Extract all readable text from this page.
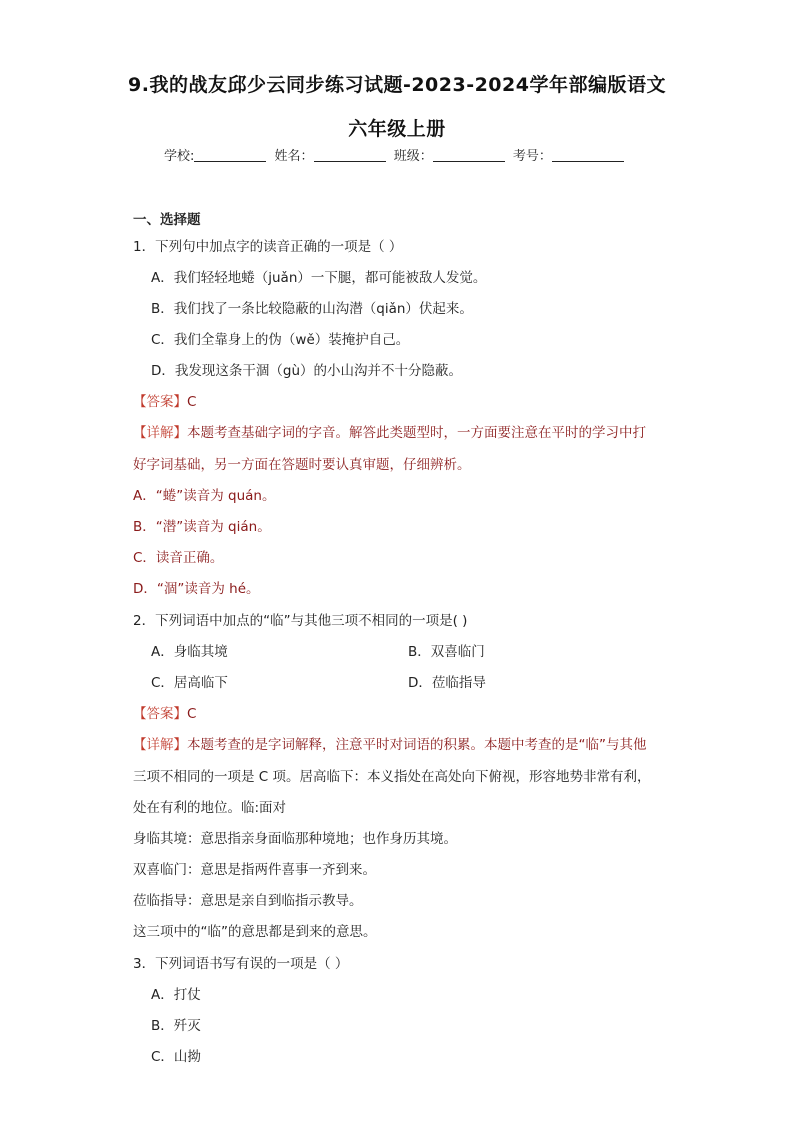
9.我的战友邱少云同步练习试题-2023-2024学年部编版语文
六年级上册
学校:	姓名：	班级：	考号：
一、选择题
1．下列句中加点字的读音正确的一项是（ ）
A．我们轻轻地蜷（juǎn）一下腿，都可能被敌人发觉。
B．我们找了一条比较隐蔽的山沟潜（qiǎn）伏起来。
C．我们全靠身上的伪（wě）装掩护自己。
D．我发现这条干涸（gù）的小山沟并不十分隐蔽。
【答案】C
【详解】本题考查基础字词的字音。解答此类题型时，一方面要注意在平时的学习中打
好字词基础，另一方面在答题时要认真审题，仔细辨析。
A．“蜷”读音为 quán。
B．“潜”读音为 qián。
C．读音正确。
D．“涸”读音为 hé。
2．下列词语中加点的“临”与其他三项不相同的一项是( )
A．身临其境	B．双喜临门
C．居高临下	D．莅临指导
【答案】C
【详解】本题考查的是字词解释，注意平时对词语的积累。本题中考查的是“临”与其他
三项不相同的一项是 C 项。居高临下：本义指处在高处向下俯视，形容地势非常有利，
处在有利的地位。临:面对
身临其境：意思指亲身面临那种境地；也作身历其境。
双喜临门：意思是指两件喜事一齐到来。
莅临指导：意思是亲自到临指示教导。
这三项中的“临”的意思都是到来的意思。
3．下列词语书写有误的一项是（ ）
A．打仗
B．歼灭
C．山拗
